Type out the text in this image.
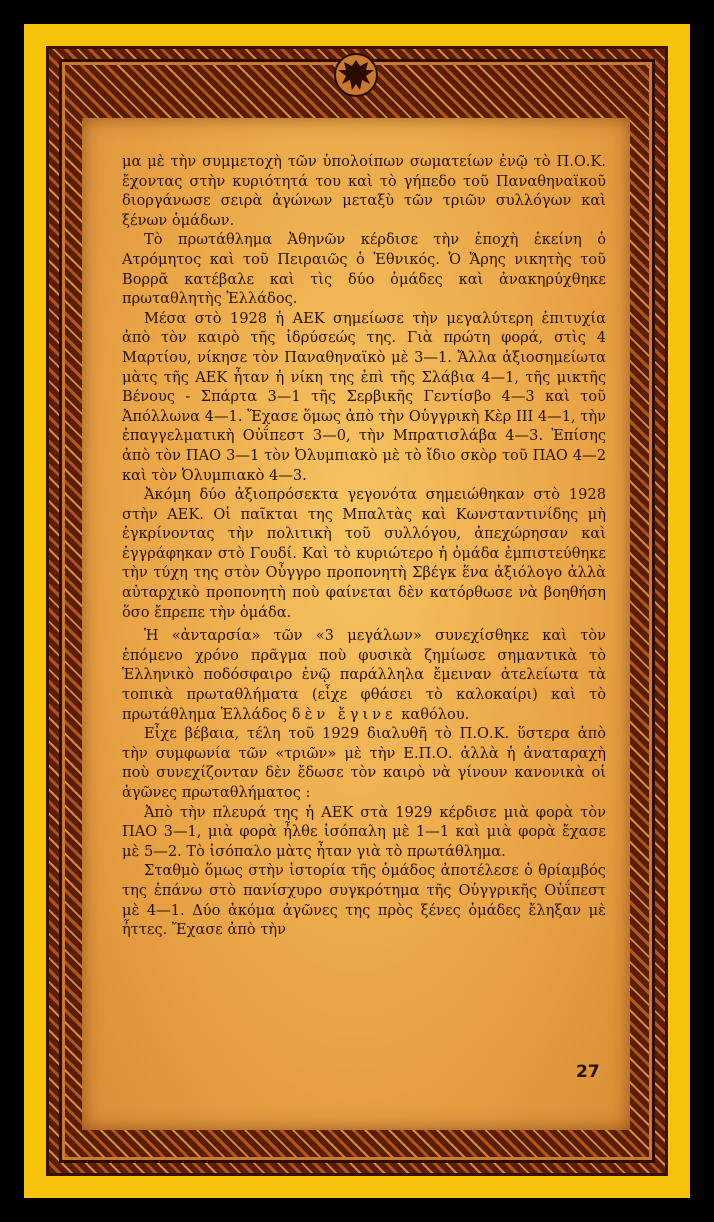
μα μὲ τὴν συμμετοχὴ τῶν ὑπολοίπων σωματείων ἐνῷ τὸ Π.Ο.Κ. ἔχοντας στὴν κυριότητά του καὶ τὸ γήπεδο τοῦ Παναθηναϊκοῦ διοργάνωσε σειρὰ ἀγώνων μεταξὺ τῶν τριῶν συλλόγων καὶ ξένων ὁμάδων.

Τὸ πρωτάθλημα Ἀθηνῶν κέρδισε τὴν ἐποχὴ ἐκείνη ὁ Ατρόμητος καὶ τοῦ Πειραιῶς ὁ Ἐθνικός. Ὁ Ἄρης νικητὴς τοῦ Βορρᾶ κατέβαλε καὶ τὶς δύο ὁμάδες καὶ ἀνακηρύχθηκε πρωταθλητὴς Ἑλλάδος.

Μέσα στὸ 1928 ἡ ΑΕΚ σημείωσε τὴν μεγαλύτερη ἐπιτυχία ἀπὸ τὸν καιρὸ τῆς ἱδρύσεώς της. Γιὰ πρώτη φορά, στὶς 4 Μαρτίου, νίκησε τὸν Παναθηναϊκὸ μὲ 3—1. Ἄλλα ἀξιοσημείωτα μὰτς τῆς ΑΕΚ ἦταν ἡ νίκη της ἐπὶ τῆς Σλάβια 4—1, τῆς μικτῆς Βένους - Σπάρτα 3—1 τῆς Σερβικῆς Γεντίσβο 4—3 καὶ τοῦ Ἀπόλλωνα 4—1. Ἔχασε ὅμως ἀπὸ τὴν Οὑγγρικὴ Κὲρ ΙΙΙ 4—1, τὴν ἐπαγγελματικὴ Οὐΐπεστ 3—0, τὴν Μπρατισλάβα 4—3. Ἐπίσης ἀπὸ τὸν ΠΑΟ 3—1 τὸν Ὀλυμπιακὸ μὲ τὸ ἴδιο σκὸρ τοῦ ΠΑΟ 4—2 καὶ τὸν Ὀλυμπιακὸ 4—3.

Ἀκόμη δύο ἀξιοπρόσεκτα γεγονότα σημειώθηκαν στὸ 1928 στὴν ΑΕΚ. Οἱ παῖκται της Μπαλτὰς καὶ Κωνσταντινίδης μὴ ἐγκρίνοντας τὴν πολιτικὴ τοῦ συλλόγου, ἀπεχώρησαν καὶ ἐγγράφηκαν στὸ Γουδί. Καὶ τὸ κυριώτερο ἡ ὁμάδα ἐμπιστεύθηκε τὴν τύχη της στὸν Οὗγγρο προπονητὴ Σβέγκ ἕνα ἀξιόλογο ἀλλὰ αὐταρχικὸ προπονητὴ ποὺ φαίνεται δὲν κατόρθωσε νὰ βοηθήση ὅσο ἔπρεπε τὴν ὁμάδα.

Ἡ «ἀνταρσία» τῶν «3 μεγάλων» συνεχίσθηκε καὶ τὸν ἑπόμενο χρόνο πρᾶγμα ποὺ φυσικὰ ζημίωσε σημαντικὰ τὸ Ἑλληνικὸ ποδόσφαιρο ἐνῷ παράλληλα ἔμειναν ἀτελείωτα τὰ τοπικὰ πρωταθλήματα (εἶχε φθάσει τὸ καλοκαίρι) καὶ τὸ πρωτάθλημα Ἑλλάδος δὲν ἔγινε καθόλου.

Εἶχε βέβαια, τέλη τοῦ 1929 διαλυθῆ τὸ Π.Ο.Κ. ὕστερα ἀπὸ τὴν συμφωνία τῶν «τριῶν» μὲ τὴν Ε.Π.Ο. ἀλλὰ ἡ ἀναταραχὴ ποὺ συνεχίζονταν δὲν ἔδωσε τὸν καιρὸ νὰ γίνουν κανονικὰ οἱ ἀγῶνες πρωταθλήματος :

Ἀπὸ τὴν πλευρά της ἡ ΑΕΚ στὰ 1929 κέρδισε μιὰ φορὰ τὸν ΠΑΟ 3—1, μιὰ φορὰ ἦλθε ἰσόπαλη μὲ 1—1 καὶ μιὰ φορὰ ἔχασε μὲ 5—2. Τὸ ἰσόπαλο μὰτς ἦταν γιὰ τὸ πρωτάθλημα.

Σταθμὸ ὅμως στὴν ἱστορία τῆς ὁμάδος ἀποτέλεσε ὁ θρίαμβός της ἐπάνω στὸ πανίσχυρο συγκρότημα τῆς Οὑγγρικῆς Οὐΐπεστ μὲ 4—1. Δύο ἀκόμα ἀγῶνες της πρὸς ξένες ὁμάδες ἔληξαν μὲ ἧττες. Ἔχασε ἀπὸ τὴν

27
